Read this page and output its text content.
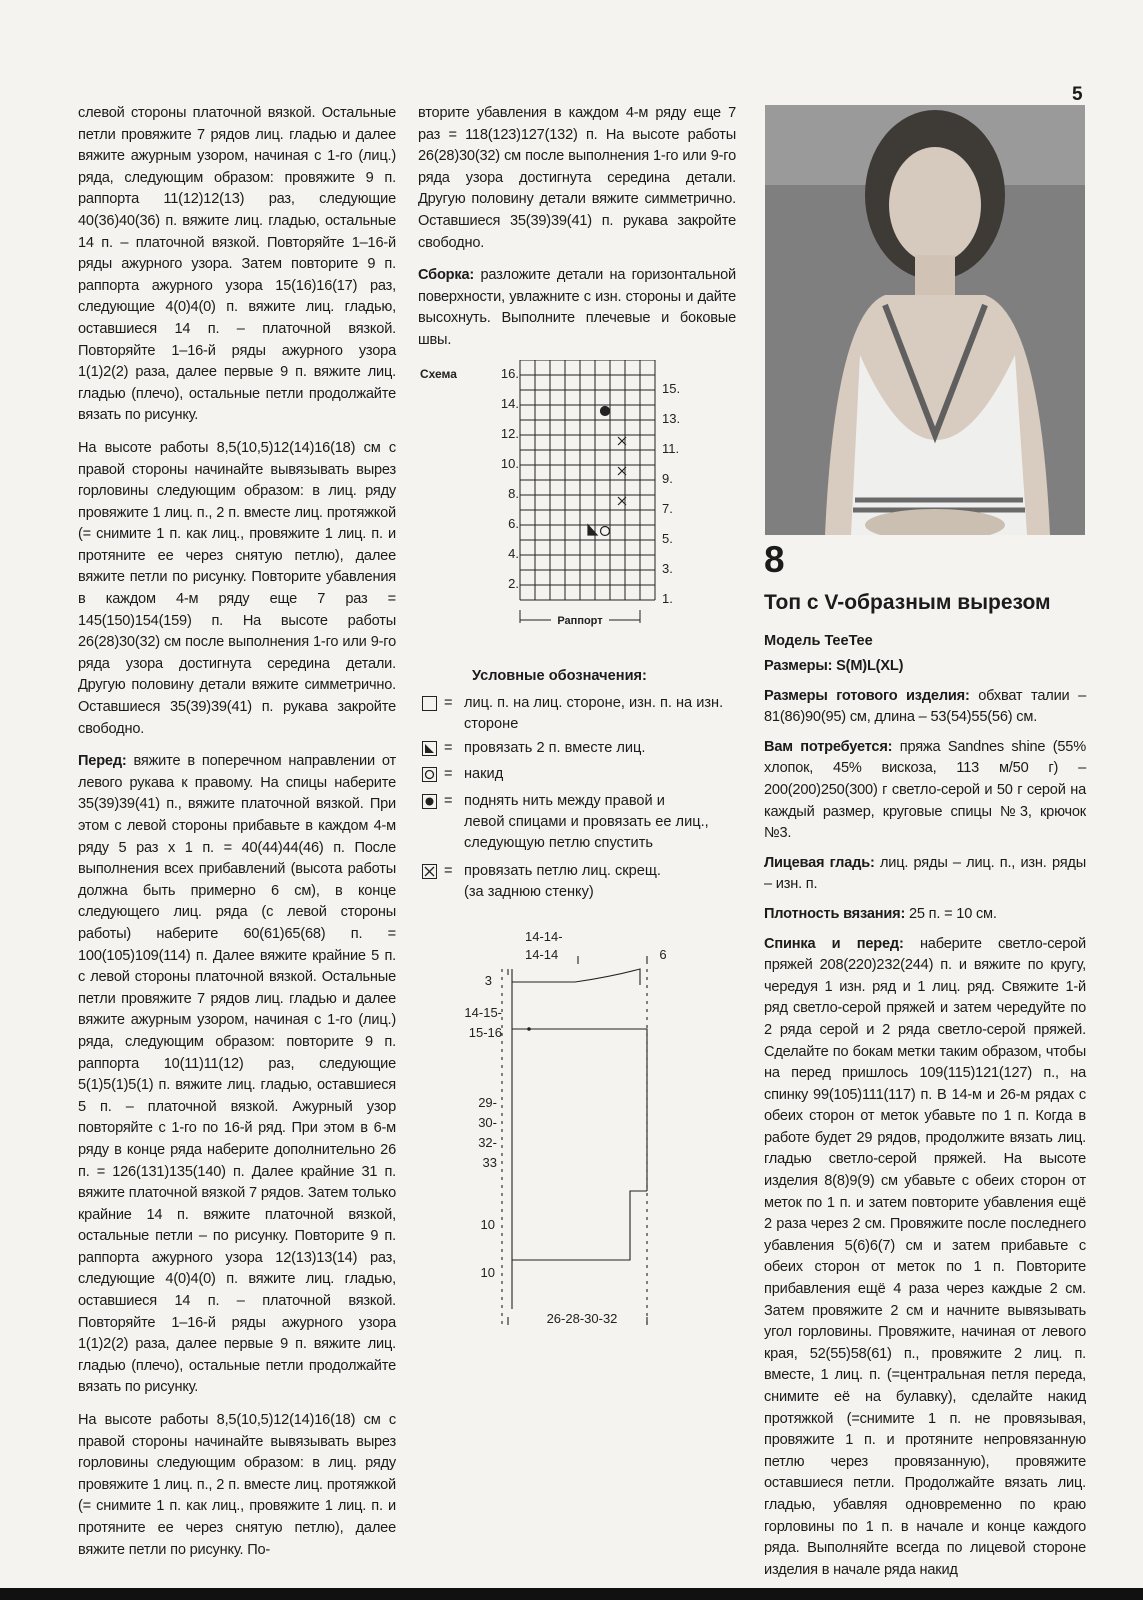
5

слевой стороны платочной вязкой. Остальные петли провяжите 7 рядов лиц. гладью и далее вяжите ажурным узором, начиная с 1-го (лиц.) ряда, следующим образом: провяжите 9 п. раппорта 11(12)12(13) раз, следующие 40(36)40(36) п. вяжите лиц. гладью, остальные 14 п. – платочной вязкой. Повторяйте 1–16-й ряды ажурного узора. Затем повторите 9 п. раппорта ажурного узора 15(16)16(17) раз, следующие 4(0)4(0) п. вяжите лиц. гладью, оставшиеся 14 п. – платочной вязкой. Повторяйте 1–16-й ряды ажурного узора 1(1)2(2) раза, далее первые 9 п. вяжите лиц. гладью (плечо), остальные петли продолжайте вязать по рисунку.

На высоте работы 8,5(10,5)12(14)16(18) см с правой стороны начинайте вывязывать вырез горловины следующим образом: в лиц. ряду провяжите 1 лиц. п., 2 п. вместе лиц. протяжкой (= снимите 1 п. как лиц., провяжите 1 лиц. п. и протяните ее через снятую петлю), далее вяжите петли по рисунку. Повторите убавления в каждом 4-м ряду еще 7 раз = 145(150)154(159) п. На высоте работы 26(28)30(32) см после выполнения 1-го или 9-го ряда узора достигнута середина детали. Другую половину детали вяжите симметрично. Оставшиеся 35(39)39(41) п. рукава закройте свободно.

Перед: вяжите в поперечном направлении от левого рукава к правому. На спицы наберите 35(39)39(41) п., вяжите платочной вязкой. При этом с левой стороны прибавьте в каждом 4-м ряду 5 раз х 1 п. = 40(44)44(46) п. После выполнения всех прибавлений (высота работы должна быть примерно 6 см), в конце следующего лиц. ряда (с левой стороны работы) наберите 60(61)65(68) п. = 100(105)109(114) п. Далее вяжите крайние 5 п. с левой стороны платочной вязкой. Остальные петли провяжите 7 рядов лиц. гладью и далее вяжите ажурным узором, начиная с 1-го (лиц.) ряда, следующим образом: повторите 9 п. раппорта 10(11)11(12) раз, следующие 5(1)5(1)5(1) п. вяжите лиц. гладью, оставшиеся 5 п. – платочной вязкой. Ажурный узор повторяйте с 1-го по 16-й ряд. При этом в 6-м ряду в конце ряда наберите дополнительно 26 п. = 126(131)135(140) п. Далее крайние 31 п. вяжите платочной вязкой 7 рядов. Затем только крайние 14 п. вяжите платочной вязкой, остальные петли – по рисунку. Повторите 9 п. раппорта ажурного узора 12(13)13(14) раз, следующие 4(0)4(0) п. вяжите лиц. гладью, оставшиеся 14 п. – платочной вязкой. Повторяйте 1–16-й ряды ажурного узора 1(1)2(2) раза, далее первые 9 п. вяжите лиц. гладью (плечо), остальные петли продолжайте вязать по рисунку.

На высоте работы 8,5(10,5)12(14)16(18) см с правой стороны начинайте вывязывать вырез горловины следующим образом: в лиц. ряду провяжите 1 лиц. п., 2 п. вместе лиц. протяжкой (= снимите 1 п. как лиц., провяжите 1 лиц. п. и протяните ее через снятую петлю), далее вяжите петли по рисунку. По-

вторите убавления в каждом 4-м ряду еще 7 раз = 118(123)127(132) п. На высоте работы 26(28)30(32) см после выполнения 1-го или 9-го ряда узора достигнута середина детали. Другую половину детали вяжите симметрично. Оставшиеся 35(39)39(41) п. рукава закройте свободно.

Сборка: разложите детали на горизонтальной поверхности, увлажните с изн. стороны и дайте высохнуть. Выполните плечевые и боковые швы.

Схема	16.
14.
12.
10.
8.
6.
4.
2.
15.
13.
11.
9.
7.
5.
3.
1.
Раппорт
Условные обозначения:
= лиц. п. на лиц. стороне, изн. п. на изн.
стороне
= провязать 2 п. вместе лиц.
= накид
= поднять нить между правой и
левой спицами и провязать ее лиц.,
следующую петлю спустить
= провязать петлю лиц. скрещ.
(за заднюю стенку)
14-14-
14-14	6
3
14-15-
15-16
29-
30-
32-
33
10
10
26-28-30-32
8
Топ с V-образным вырезом
Модель TeeTee

Размеры: S(M)L(XL)

Размеры готового изделия: обхват талии – 81(86)90(95) см, длина – 53(54)55(56) см.

Вам потребуется: пряжа Sandnes shine (55% хлопок, 45% вискоза, 113 м/50 г) – 200(200)250(300) г светло-серой и 50 г серой на каждый размер, круговые спицы №3, крючок №3.

Лицевая гладь: лиц. ряды – лиц. п., изн. ряды – изн. п.

Плотность вязания: 25 п. = 10 см.

Спинка и перед: наберите светло-серой пряжей 208(220)232(244) п. и вяжите по кругу, чередуя 1 изн. ряд и 1 лиц. ряд. Свяжите 1-й ряд светло-серой пряжей и затем чередуйте по 2 ряда серой и 2 ряда светло-серой пряжей. Сделайте по бокам метки таким образом, чтобы на перед пришлось 109(115)121(127) п., на спинку 99(105)111(117) п. В 14-м и 26-м рядах с обеих сторон от меток убавьте по 1 п. Когда в работе будет 29 рядов, продолжите вязать лиц. гладью светло-серой пряжей. На высоте изделия 8(8)9(9) см убавьте с обеих сторон от меток по 1 п. и затем повторите убавления ещё 2 раза через 2 см. Провяжите после последнего убавления 5(6)6(7) см и затем прибавьте с обеих сторон от меток по 1 п. Повторите прибавления ещё 4 раза через каждые 2 см. Затем провяжите 2 см и начните вывязывать угол горловины. Провяжите, начиная от левого края, 52(55)58(61) п., провяжите 2 лиц. п. вместе, 1 лиц. п. (=центральная петля переда, снимите её на булавку), сделайте накид протяжкой (=снимите 1 п. не провязывая, провяжите 1 п. и протяните непровязанную петлю через провязанную), провяжите оставшиеся петли. Продолжайте вязать лиц. гладью, убавляя одновременно по краю горловины по 1 п. в начале и конце каждого ряда. Выполняйте всегда по лицевой стороне изделия в начале ряда накид
